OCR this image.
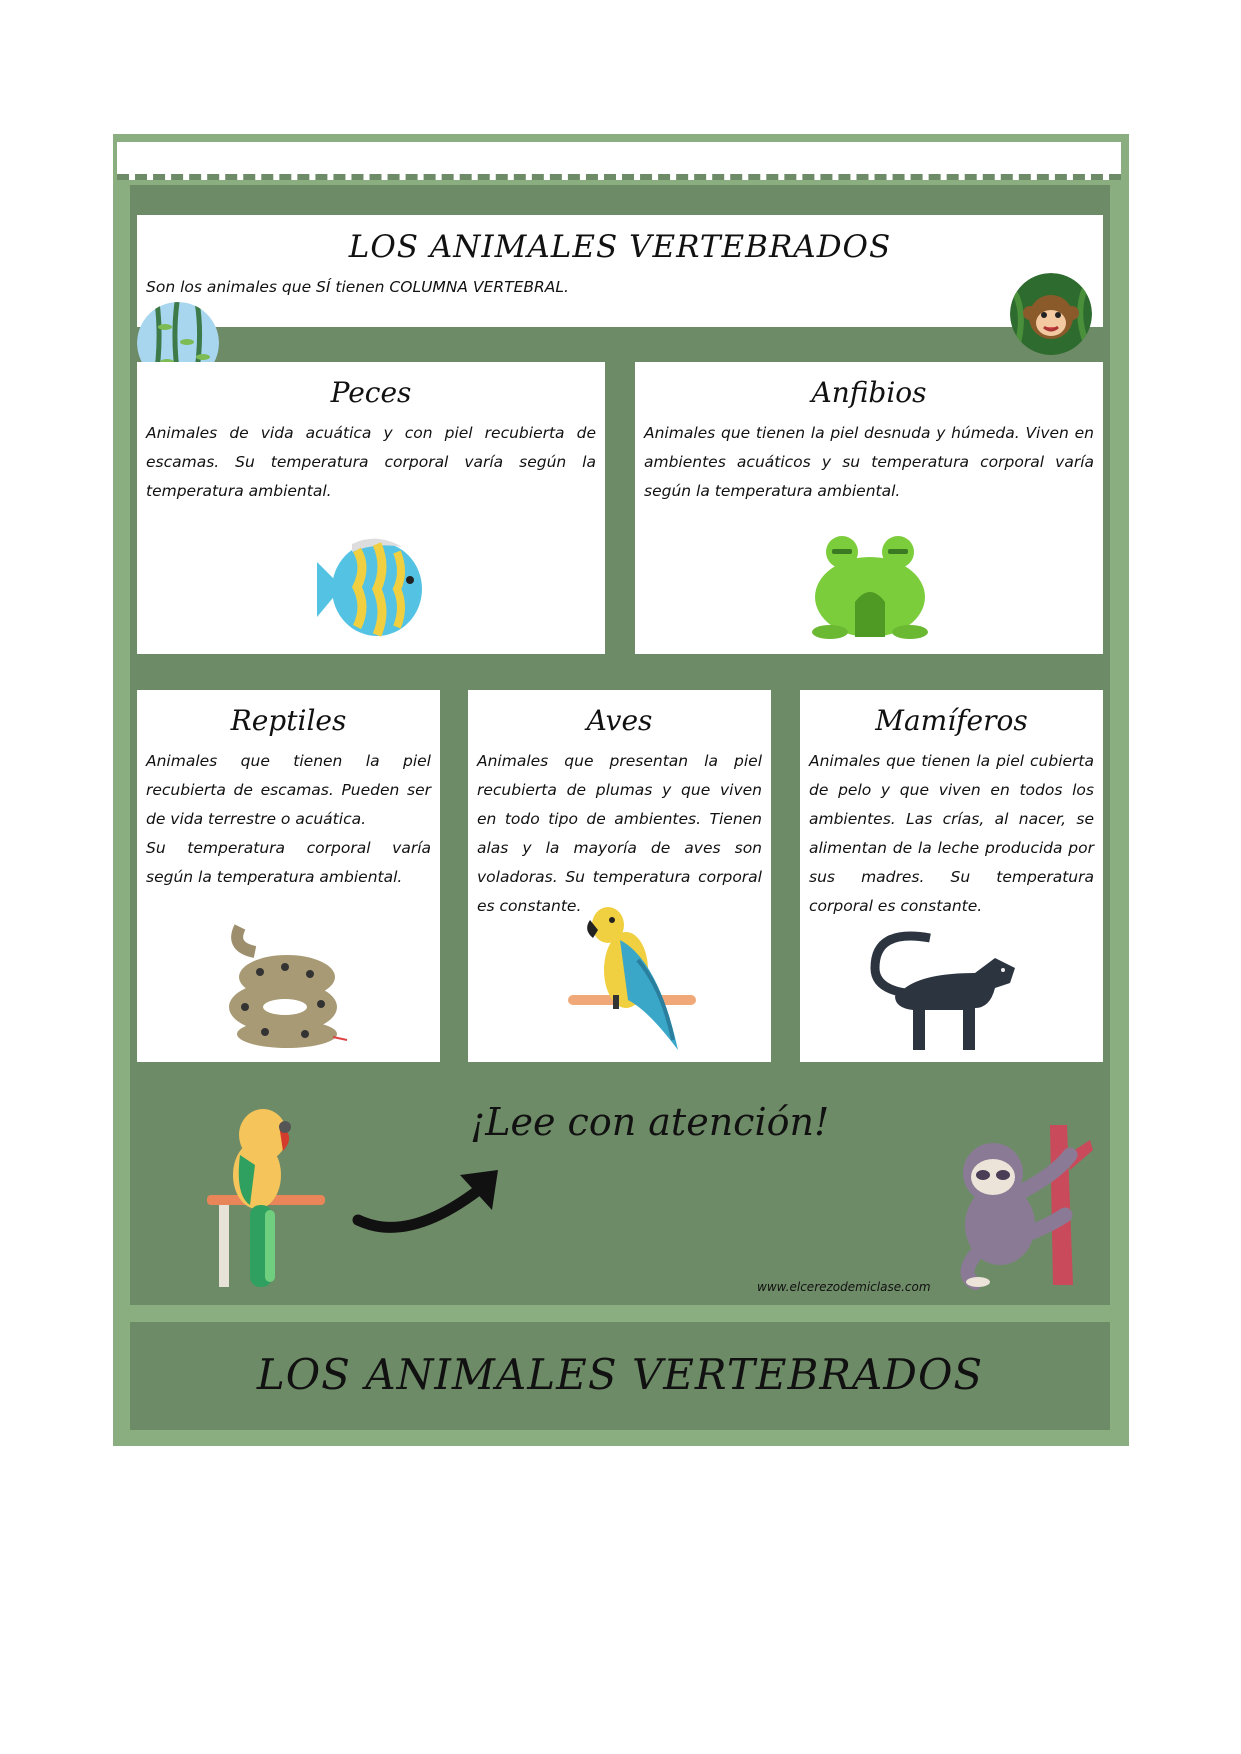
LOS ANIMALES VERTEBRADOS

Son los animales que SÍ tienen COLUMNA VERTEBRAL.

Peces

Animales de vida acuática y con piel recubierta de escamas. Su temperatura corporal varía según la temperatura ambiental.

Anfibios

Animales que tienen la piel desnuda y húmeda. Viven en ambientes acuáticos y su temperatura corporal varía según la temperatura ambiental.

Reptiles

Animales que tienen la piel recubierta de escamas. Pueden ser de vida terrestre o acuática.

Su temperatura corporal varía según la temperatura ambiental.

Aves

Animales que presentan la piel recubierta de plumas y que viven en todo tipo de ambientes. Tienen alas y la mayoría de aves son voladoras. Su temperatura corporal es constante.

Mamíferos

Animales que tienen la piel cubierta de pelo y que viven en todos los ambientes. Las crías, al nacer, se alimentan de la leche producida por sus madres. Su temperatura corporal es constante.

¡Lee con atención!
www.elcerezodemiclase.com
LOS ANIMALES VERTEBRADOS
